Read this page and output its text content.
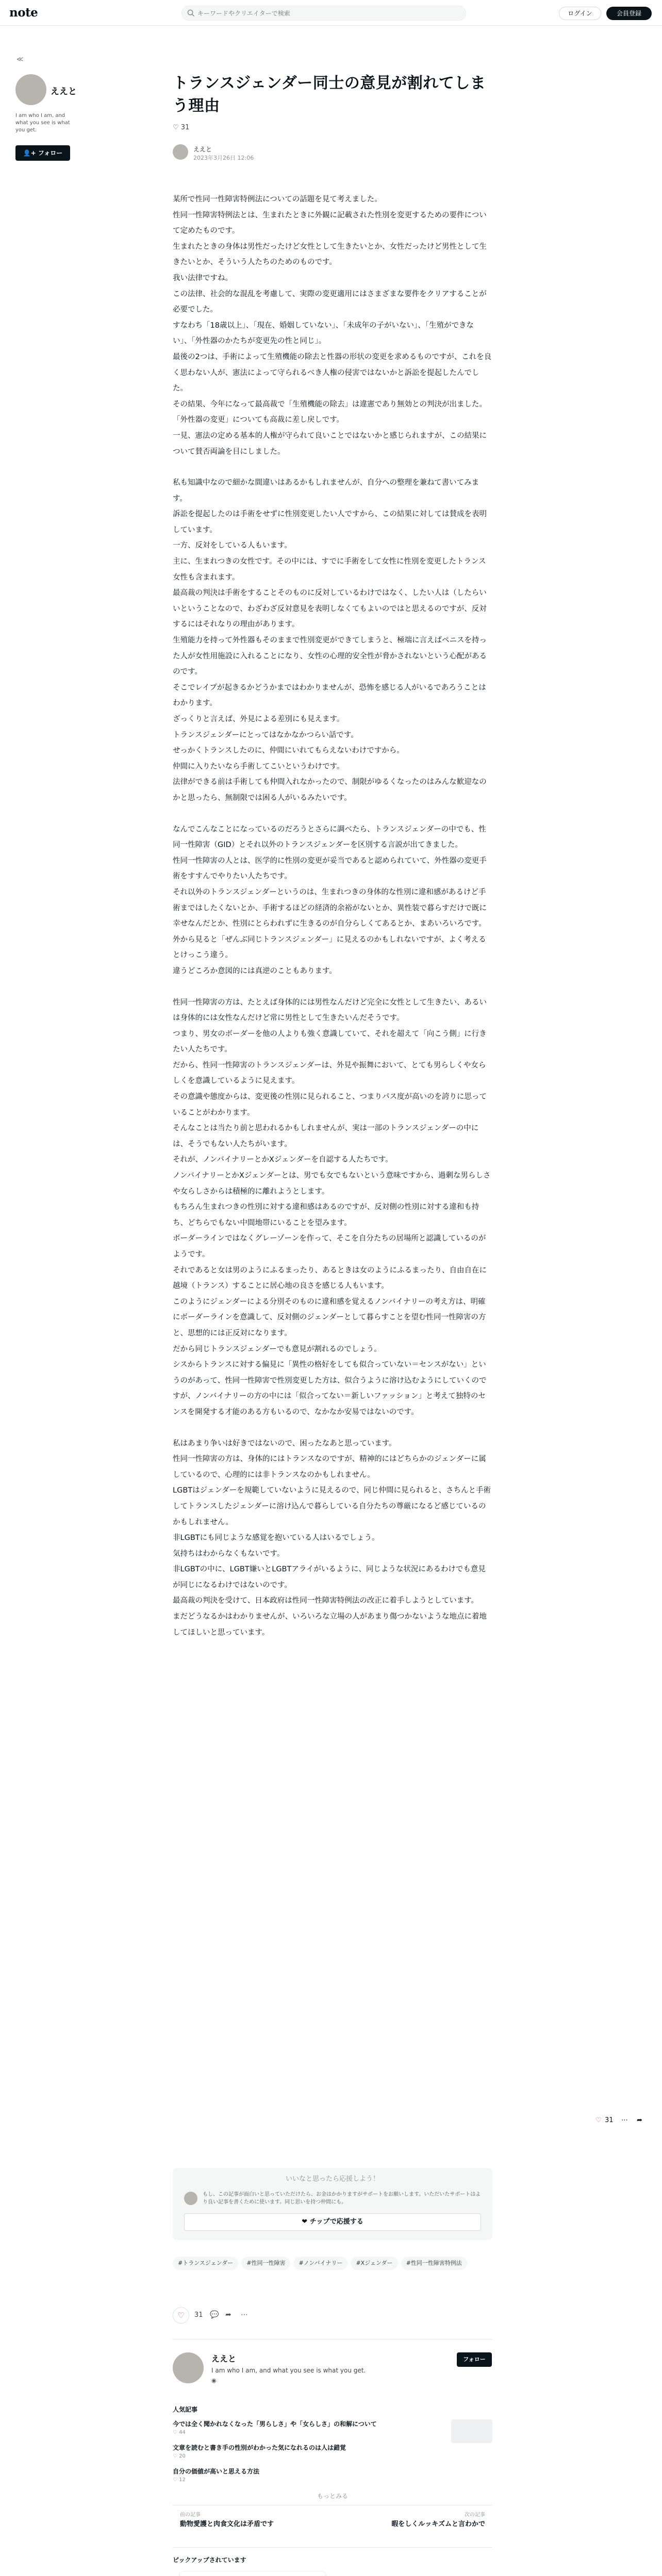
note
キーワードやクリエイターで検索	ログイン	会員登録
≪
ええと
I am who I am, and what you see is what you get.
👤+ フォロー
トランスジェンダー同士の意見が割れてしまう理由
♡ 31
ええと
2023年3月26日 12:06

某所で性同一性障害特例法についての話題を見て考えました。

性同一性障害特例法とは、生まれたときに外観に記載された性別を変更するための要件について定めたものです。

生まれたときの身体は男性だったけど女性として生きたいとか、女性だったけど男性として生きたいとか、そういう人たちのためのものです。

我い法律ですね。

この法律、社会的な混乱を考慮して、実際の変更適用にはさまざまな要件をクリアすることが必要でした。

すなわち「18歳以上」、「現在、婚姻していない」、「未成年の子がいない」、「生殖ができない」、「外性器のかたちが変更先の性と同じ」。

最後の2つは、手術によって生殖機能の除去と性器の形状の変更を求めるものですが、これを良く思わない人が、憲法によって守られるべき人権の侵害ではないかと訴訟を提起したんでした。

その結果、今年になって最高裁で「生殖機能の除去」は違憲であり無効との判決が出ました。「外性器の変更」についても高裁に差し戻しです。

一見、憲法の定める基本的人権が守られて良いことではないかと感じられますが、この結果について賛否両論を目にしました。

私も知識中なので細かな間違いはあるかもしれませんが、自分への整理を兼ねて書いてみます。

訴訟を提起したのは手術をせずに性別変更したい人ですから、この結果に対しては賛成を表明しています。

一方、反対をしている人もいます。

主に、生まれつきの女性です。その中には、すでに手術をして女性に性別を変更したトランス女性も含まれます。

最高裁の判決は手術をすることそのものに反対しているわけではなく、したい人は（したらいいということなので、わざわざ反対意見を表明しなくてもよいのではと思えるのですが、反対するにはそれなりの理由があります。

生殖能力を持って外性器もそのままで性別変更ができてしまうと、極端に言えばペニスを持った人が女性用施設に入れることになり、女性の心理的安全性が脅かされないという心配があるのです。

そこでレイプが起きるかどうかまではわかりませんが、恐怖を感じる人がいるであろうことはわかります。

ざっくりと言えば、外見による差別にも見えます。

トランスジェンダーにとってはなかなかつらい話です。

せっかくトランスしたのに、仲間にいれてもらえないわけですから。

仲間に入りたいなら手術してこいというわけです。

法律ができる前は手術しても仲間入れなかったので、制限がゆるくなったのはみんな歓迎なのかと思ったら、無制限では困る人がいるみたいです。

なんでこんなことになっているのだろうとさらに調べたら、トランスジェンダーの中でも、性同一性障害（GID）とそれ以外のトランスジェンダーを区別する言説が出てきました。

性同一性障害の人とは、医学的に性別の変更が妥当であると認められていて、外性器の変更手術をすすんでやりたい人たちです。

それ以外のトランスジェンダーというのは、生まれつきの身体的な性別に違和感があるけど手術まではしたくないとか、手術するほどの経済的余裕がないとか、異性装で暮らすだけで既に幸せなんだとか、性別にとらわれずに生きるのが自分らしくてあるとか、まあいろいろです。

外から見ると「ぜんぶ同じトランスジェンダー」に見えるのかもしれないですが、よく考えるとけっこう違う。

違うどころか意図的には真逆のこともあります。

性同一性障害の方は、たとえば身体的には男性なんだけど完全に女性として生きたい、あるいは身体的には女性なんだけど常に男性として生きたいんだそうです。

つまり、男女のボーダーを他の人よりも強く意識していて、それを超えて「向こう側」に行きたい人たちです。

だから、性同一性障害のトランスジェンダーは、外見や振舞において、とても男らしくや女らしくを意識しているように見えます。

その意識や態度からは、変更後の性別に見られること、つまりパス度が高いのを誇りに思っていることがわかります。

そんなことは当たり前と思われるかもしれませんが、実は一部のトランスジェンダーの中には、そうでもない人たちがいます。

それが、ノンバイナリーとかXジェンダーを自認する人たちです。

ノンバイナリーとかXジェンダーとは、男でも女でもないという意味ですから、過剰な男らしさや女らしさからは積極的に離れようとします。

もちろん生まれつきの性別に対する違和感はあるのですが、反対側の性別に対する違和も持ち、どちらでもない中間地帯にいることを望みます。

ボーダーラインではなくグレーゾーンを作って、そこを自分たちの居場所と認識しているのがようです。

それであると女は男のようにふるまったり、あるときは女のようにふるまったり、自由自在に越境（トランス）することに居心地の良さを感じる人もいます。

このようにジェンダーによる分別そのものに違和感を覚えるノンバイナリーの考え方は、明確にボーダーラインを意識して、反対側のジェンダーとして暮らすことを望む性同一性障害の方と、思想的には正反対になります。

だから同じトランスジェンダーでも意見が割れるのでしょう。

シスからトランスに対する偏見に「異性の格好をしても似合っていない＝センスがない」というのがあって、性同一性障害で性別変更した方は、似合うように溶け込むようにしていくのですが、ノンバイナリーの方の中には「似合ってない＝新しいファッション」と考えて独特のセンスを開発する才能のある方もいるので、なかなか安易ではないのです。

私はあまり争いは好きではないので、困ったなあと思っています。

性同一性障害の方は、身体的にはトランスなのですが、精神的にはどちらかのジェンダーに属しているので、心理的には非トランスなのかもしれません。

LGBTはジェンダーを規範していないように見えるので、同じ仲間に見られると、さちんと手術してトランスしたジェンダーに溶け込んで暮らしている自分たちの尊厳になるど感じているのかもしれません。

非LGBTにも同じような感覚を抱いている人はいるでしょう。

気持ちはわからなくもないです。

非LGBTの中に、LGBT嫌いとLGBTアライがいるように、同じような状況にあるわけでも意見が同じになるわけではないのです。

最高裁の判決を受けて、日本政府は性同一性障害特例法の改正に着手しようとしています。

まだどうなるかはわかりませんが、いろいろな立場の人があまり傷つかないような地点に着地してほしいと思っています。

♡ 31 ⋯ ➦
いいなと思ったら応援しよう！
もし、この記事が面白いと思っていただけたら、お金はかかりますがサポートをお願いします。いただいたサポートはより良い記事を書くために使います。同じ思いを持つ仲間にも。
❤ チップで応援する
#トランスジェンダー #性同一性障害 #ノンバイナリー #Xジェンダー #性同一性障害特例法
♡	31 💬 ➦ ⋯
ええと
I am who I am, and what you see is what you get.
フォロー
◉
人気記事
今では全く聞かれなくなった「男らしさ」や「女らしさ」の和解について
♡ 44
文章を読むと書き手の性別がわかった気になれるのは人は錯覚
♡ 20
自分の価値が高いと思える方法
♡ 12
もっとみる
前の記事
動物愛護と肉食文化は矛盾です
次の記事
暇をしくルッキズムと言わかで
ピックアップされています
